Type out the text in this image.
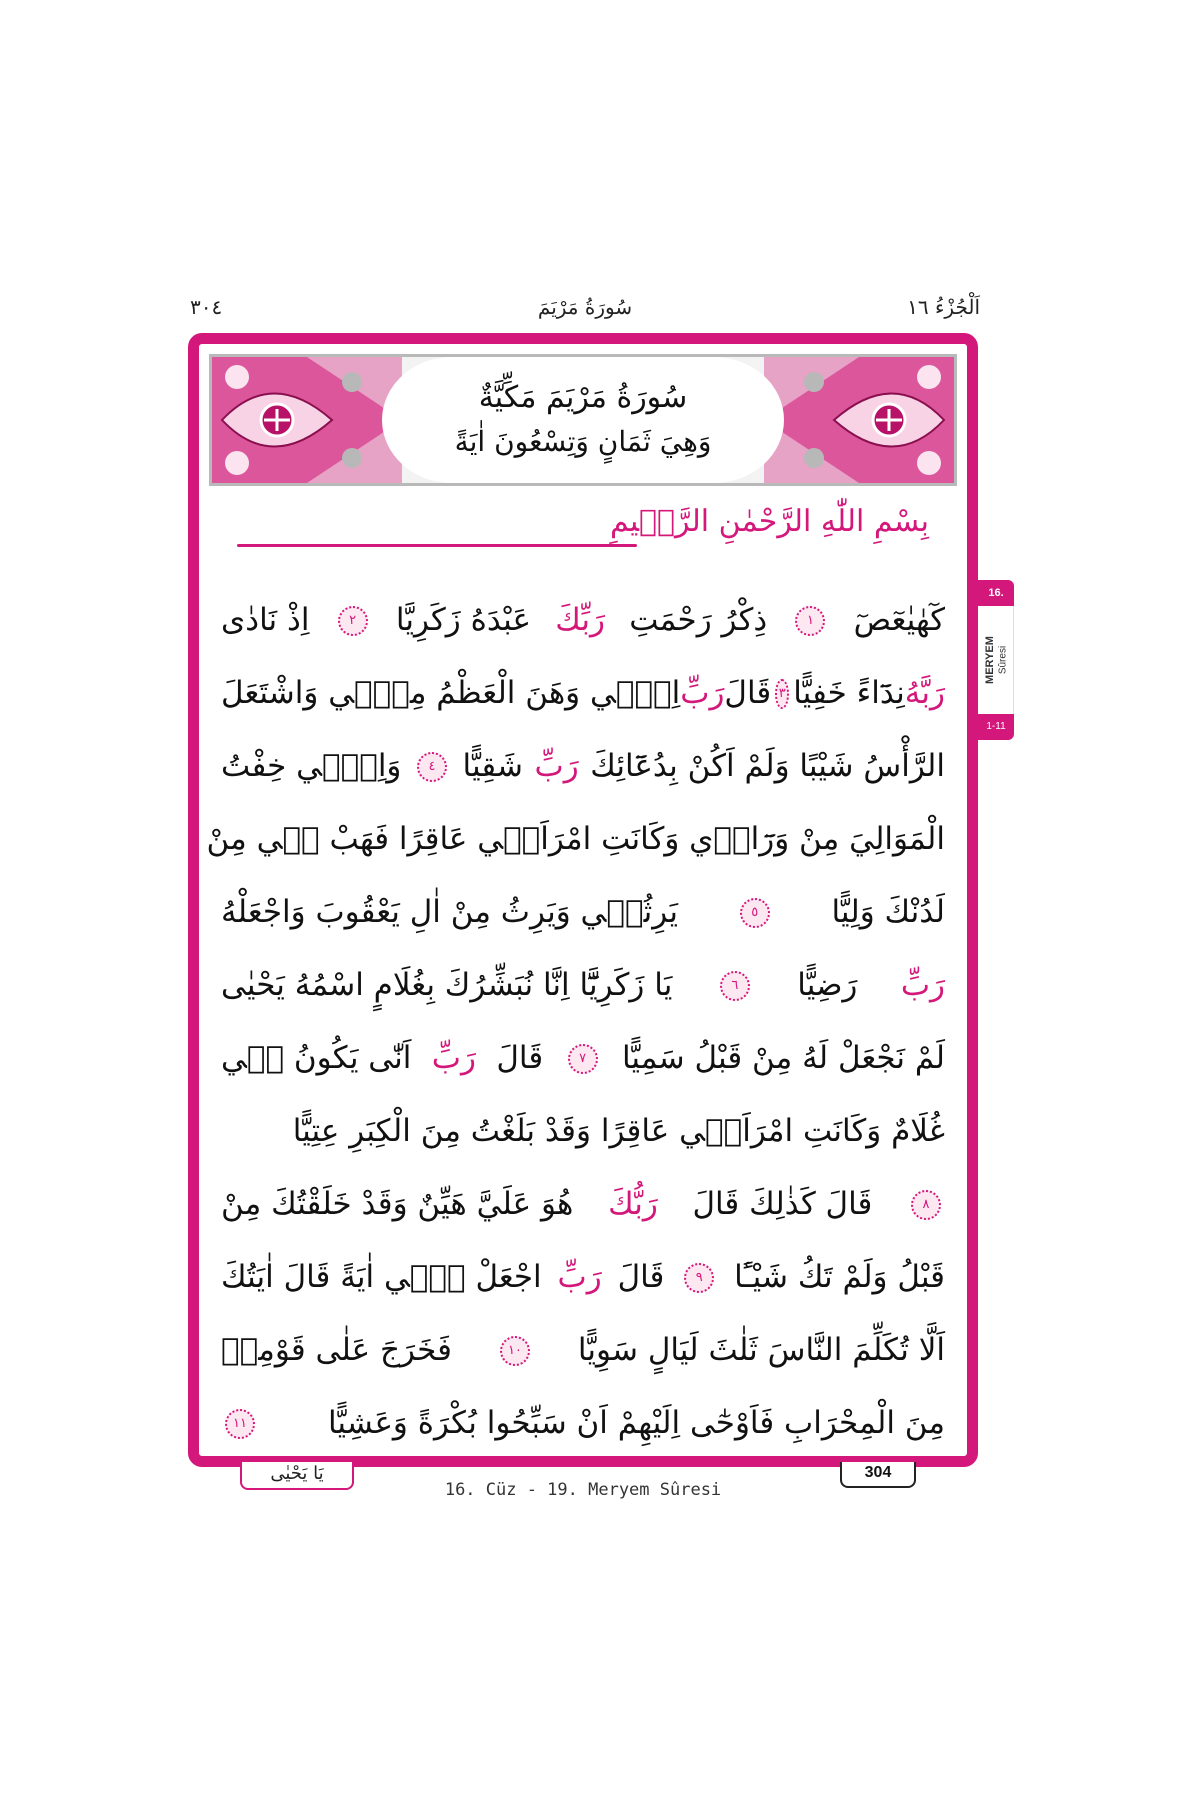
اَلْجُزْءُ ١٦
سُورَةُ مَرْيَمَ
٣٠٤
سُورَةُ مَرْيَمَ مَكِّيَّةٌ
وَهِيَ ثَمَانٍ وَتِسْعُونَ اٰيَةً
بِسْمِ اللّٰهِ الرَّحْمٰنِ الرَّح۪يمِ
كٓهٰيٰعٓصٓ
١
ذِكْرُ رَحْمَتِ
رَبِّكَ
عَبْدَهُ زَكَرِيَّا
٢
اِذْ نَادٰى
رَبَّهُ
نِدَٓاءً خَفِيًّا
٣
قَالَ
رَبِّ
اِنّ۪ي وَهَنَ الْعَظْمُ مِنّ۪ي وَاشْتَعَلَ
الرَّأْسُ شَيْبًا وَلَمْ اَكُنْ بِدُعَٓائِكَ
رَبِّ
شَقِيًّا
٤
وَاِنّ۪ي خِفْتُ
الْمَوَالِيَ مِنْ وَرَٓاء۪ي وَكَانَتِ امْرَاَت۪ي عَاقِرًا فَهَبْ ل۪ي مِنْ
لَدُنْكَ وَلِيًّا
٥
يَرِثُن۪ي وَيَرِثُ مِنْ اٰلِ يَعْقُوبَ وَاجْعَلْهُ
رَبِّ
رَضِيًّا
٦
يَا زَكَرِيَّٓا اِنَّا نُبَشِّرُكَ بِغُلَامٍ اسْمُهُ يَحْيٰى
لَمْ نَجْعَلْ لَهُ مِنْ قَبْلُ سَمِيًّا
٧
قَالَ
رَبِّ
اَنّٰى يَكُونُ ل۪ي
غُلَامٌ وَكَانَتِ امْرَاَت۪ي عَاقِرًا وَقَدْ بَلَغْتُ مِنَ الْكِبَرِ عِتِيًّا
٨
قَالَ كَذٰلِكَ قَالَ
رَبُّكَ
هُوَ عَلَيَّ هَيِّنٌ وَقَدْ خَلَقْتُكَ مِنْ
قَبْلُ وَلَمْ تَكُ شَيْـًٔا
٩
قَالَ
رَبِّ
اجْعَلْ ل۪ٓي اٰيَةً قَالَ اٰيَتُكَ
اَلَّا تُكَلِّمَ النَّاسَ ثَلٰثَ لَيَالٍ سَوِيًّا
١٠
فَخَرَجَ عَلٰى قَوْمِه۪
مِنَ الْمِحْرَابِ فَاَوْحٰٓى اِلَيْهِمْ اَنْ سَبِّحُوا بُكْرَةً وَعَشِيًّا
١١
16. Cüz
MERYEM Sûresi
1-11
يَا يَحْيٰى
16. Cüz - 19. Meryem Sûresi
304
